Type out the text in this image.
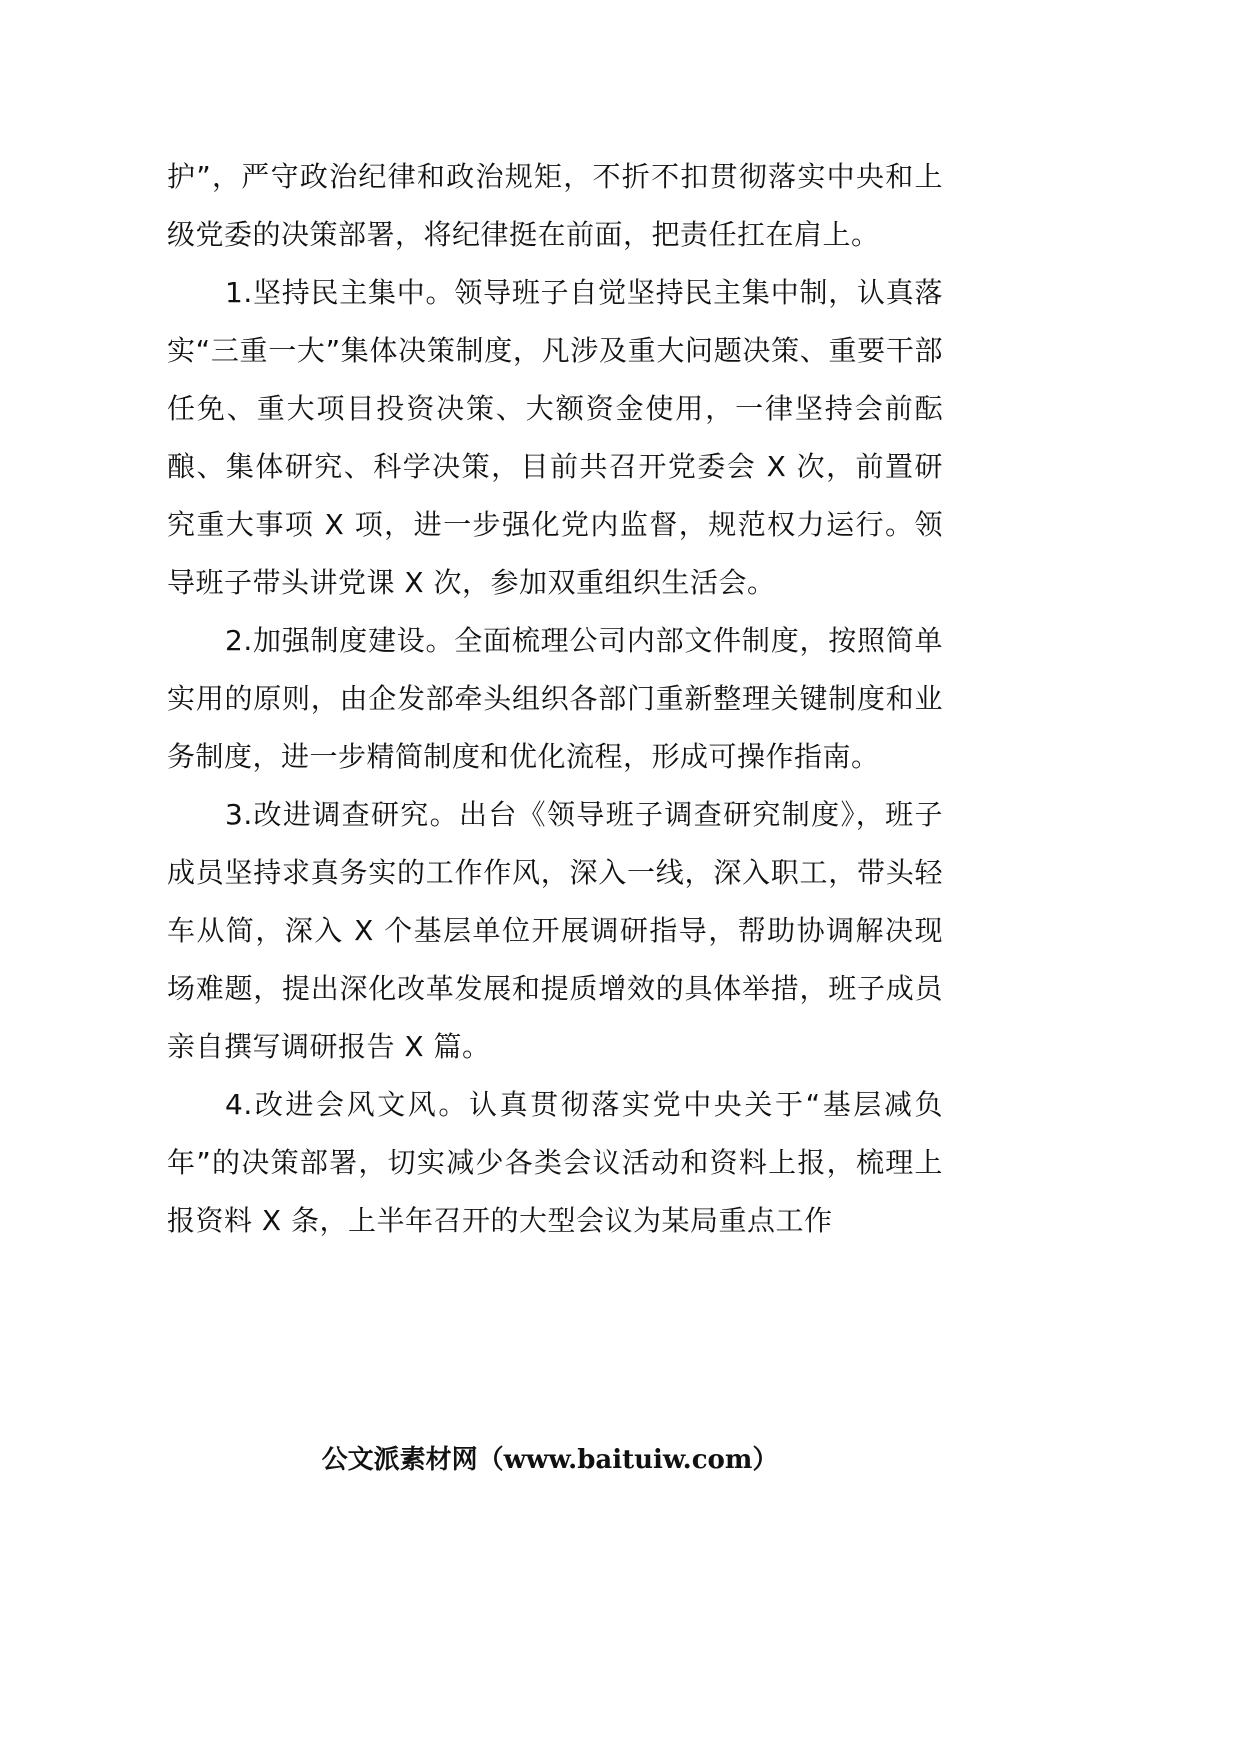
护”，严守政治纪律和政治规矩，不折不扣贯彻落实中央和上级党委的决策部署，将纪律挺在前面，把责任扛在肩上。

1.坚持民主集中。领导班子自觉坚持民主集中制，认真落实“三重一大”集体决策制度，凡涉及重大问题决策、重要干部任免、重大项目投资决策、大额资金使用，一律坚持会前酝酿、集体研究、科学决策，目前共召开党委会 X 次，前置研究重大事项 X 项，进一步强化党内监督，规范权力运行。领导班子带头讲党课 X 次，参加双重组织生活会。

2.加强制度建设。全面梳理公司内部文件制度，按照简单实用的原则，由企发部牵头组织各部门重新整理关键制度和业务制度，进一步精简制度和优化流程，形成可操作指南。

3.改进调查研究。出台《领导班子调查研究制度》，班子成员坚持求真务实的工作作风，深入一线，深入职工，带头轻车从简，深入 X 个基层单位开展调研指导，帮助协调解决现场难题，提出深化改革发展和提质增效的具体举措，班子成员亲自撰写调研报告 X 篇。

4.改进会风文风。认真贯彻落实党中央关于“基层减负年”的决策部署，切实减少各类会议活动和资料上报，梳理上报资料 X 条，上半年召开的大型会议为某局重点工作

公文派素材网（www.baituiw.com）
